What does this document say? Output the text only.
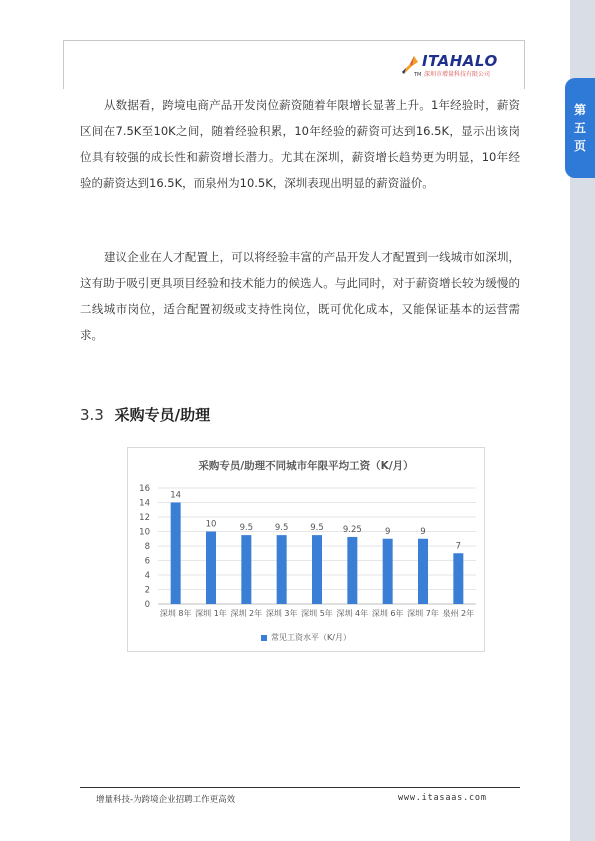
第
五
页
TM
ITAHALO
深圳市增量科技有限公司

从数据看，跨境电商产品开发岗位薪资随着年限增长显著上升。1年经验时，薪资区间在7.5K至10K之间，随着经验积累，10年经验的薪资可达到16.5K，显示出该岗位具有较强的成长性和薪资增长潜力。尤其在深圳，薪资增长趋势更为明显，10年经验的薪资达到16.5K，而泉州为10.5K，深圳表现出明显的薪资溢价。

建议企业在人才配置上，可以将经验丰富的产品开发人才配置到一线城市如深圳，这有助于吸引更具项目经验和技术能力的候选人。与此同时，对于薪资增长较为缓慢的二线城市岗位，适合配置初级或支持性岗位，既可优化成本，又能保证基本的运营需求。

3.3 采购专员/助理
采购专员/助理不同城市年限平均工资（K/月）
0
2
4
6
8
10
12
14
16
14
深圳 8年
10
深圳 1年
9.5
深圳 2年
9.5
深圳 3年
9.5
深圳 5年
9.25
深圳 4年
9
深圳 6年
9
深圳 7年
7
泉州 2年
常见工资水平（K/月）
增量科技-为跨境企业招聘工作更高效	www.itasaas.com
